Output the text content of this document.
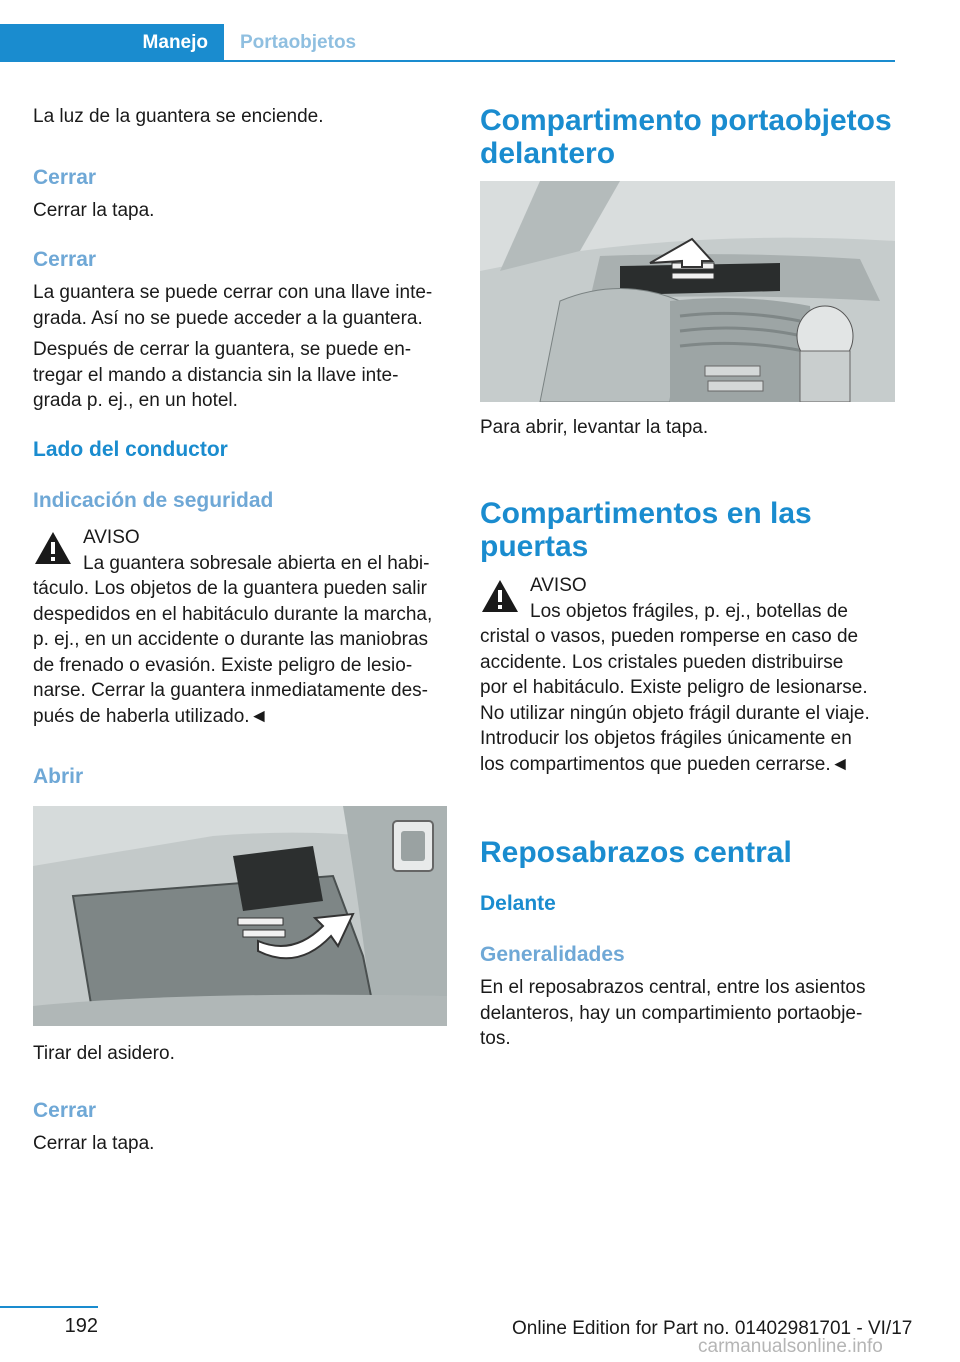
Manejo	Portaobjetos

La luz de la guantera se enciende.

Cerrar

Cerrar la tapa.

Cerrar

La guantera se puede cerrar con una llave inte-
grada. Así no se puede acceder a la guantera.

Después de cerrar la guantera, se puede en-
tregar el mando a distancia sin la llave inte-
grada p. ej., en un hotel.

Lado del conductor
Indicación de seguridad
AVISO
La guantera sobresale abierta en el habi-
táculo. Los objetos de la guantera pueden salir
despedidos en el habitáculo durante la marcha,
p. ej., en un accidente o durante las maniobras
de frenado o evasión. Existe peligro de lesio-
narse. Cerrar la guantera inmediatamente des-
pués de haberla utilizado.◄
Abrir

Tirar del asidero.

Cerrar

Cerrar la tapa.

Compartimento portaobjetos
delantero

Para abrir, levantar la tapa.

Compartimentos en las
puertas
AVISO
Los objetos frágiles, p. ej., botellas de
cristal o vasos, pueden romperse en caso de
accidente. Los cristales pueden distribuirse
por el habitáculo. Existe peligro de lesionarse.
No utilizar ningún objeto frágil durante el viaje.
Introducir los objetos frágiles únicamente en
los compartimentos que pueden cerrarse.◄
Reposabrazos central
Delante
Generalidades

En el reposabrazos central, entre los asientos
delanteros, hay un compartimiento portaobje-
tos.

192	Online Edition for Part no. 01402981701 - VI/17
carmanualsonline.info
